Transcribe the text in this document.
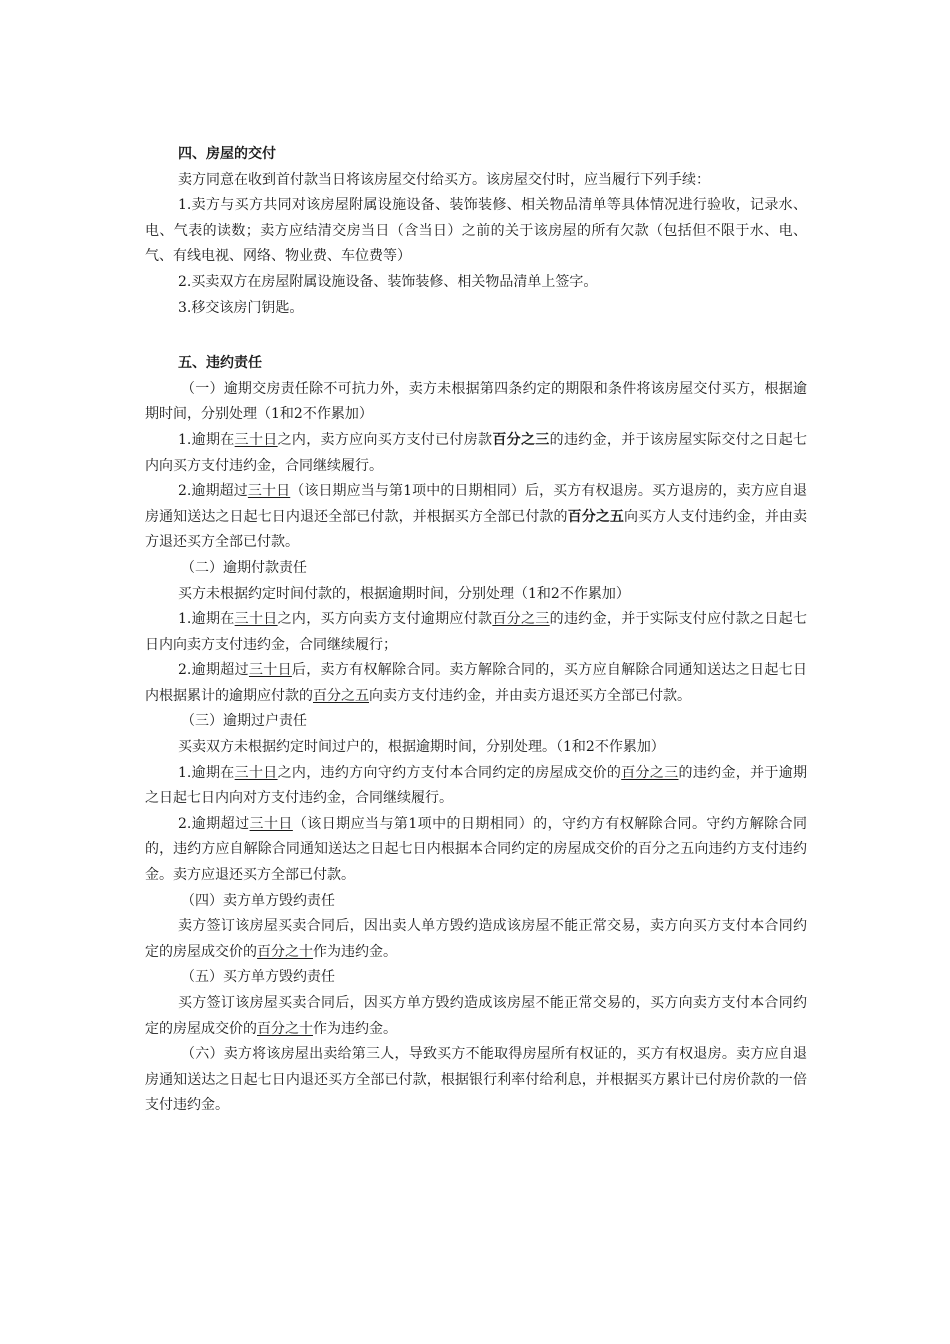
四、房屋的交付

卖方同意在收到首付款当日将该房屋交付给买方。该房屋交付时，应当履行下列手续：

1.卖方与买方共同对该房屋附属设施设备、装饰装修、相关物品清单等具体情况进行验收，记录水、电、气表的读数；卖方应结清交房当日（含当日）之前的关于该房屋的所有欠款（包括但不限于水、电、气、有线电视、网络、物业费、车位费等）

2.买卖双方在房屋附属设施设备、装饰装修、相关物品清单上签字。

3.移交该房门钥匙。

五、违约责任

（一）逾期交房责任除不可抗力外，卖方未根据第四条约定的期限和条件将该房屋交付买方，根据逾期时间，分别处理（1和2不作累加）

1.逾期在三十日之内，卖方应向买方支付已付房款百分之三的违约金，并于该房屋实际交付之日起七内向买方支付违约金，合同继续履行。

2.逾期超过三十日（该日期应当与第1项中的日期相同）后，买方有权退房。买方退房的，卖方应自退房通知送达之日起七日内退还全部已付款，并根据买方全部已付款的百分之五向买方人支付违约金，并由卖方退还买方全部已付款。

（二）逾期付款责任

买方未根据约定时间付款的，根据逾期时间，分别处理（1和2不作累加）

1.逾期在三十日之内，买方向卖方支付逾期应付款百分之三的违约金，并于实际支付应付款之日起七日内向卖方支付违约金，合同继续履行；

2.逾期超过三十日后，卖方有权解除合同。卖方解除合同的，买方应自解除合同通知送达之日起七日内根据累计的逾期应付款的百分之五向卖方支付违约金，并由卖方退还买方全部已付款。

（三）逾期过户责任

买卖双方未根据约定时间过户的，根据逾期时间，分别处理。（1和2不作累加）

1.逾期在三十日之内，违约方向守约方支付本合同约定的房屋成交价的百分之三的违约金，并于逾期之日起七日内向对方支付违约金，合同继续履行。

2.逾期超过三十日（该日期应当与第1项中的日期相同）的，守约方有权解除合同。守约方解除合同的，违约方应自解除合同通知送达之日起七日内根据本合同约定的房屋成交价的百分之五向违约方支付违约金。卖方应退还买方全部已付款。

（四）卖方单方毁约责任

卖方签订该房屋买卖合同后，因出卖人单方毁约造成该房屋不能正常交易，卖方向买方支付本合同约定的房屋成交价的百分之十作为违约金。

（五）买方单方毁约责任

买方签订该房屋买卖合同后，因买方单方毁约造成该房屋不能正常交易的，买方向卖方支付本合同约定的房屋成交价的百分之十作为违约金。

（六）卖方将该房屋出卖给第三人，导致买方不能取得房屋所有权证的，买方有权退房。卖方应自退房通知送达之日起七日内退还买方全部已付款，根据银行利率付给利息，并根据买方累计已付房价款的一倍支付违约金。
